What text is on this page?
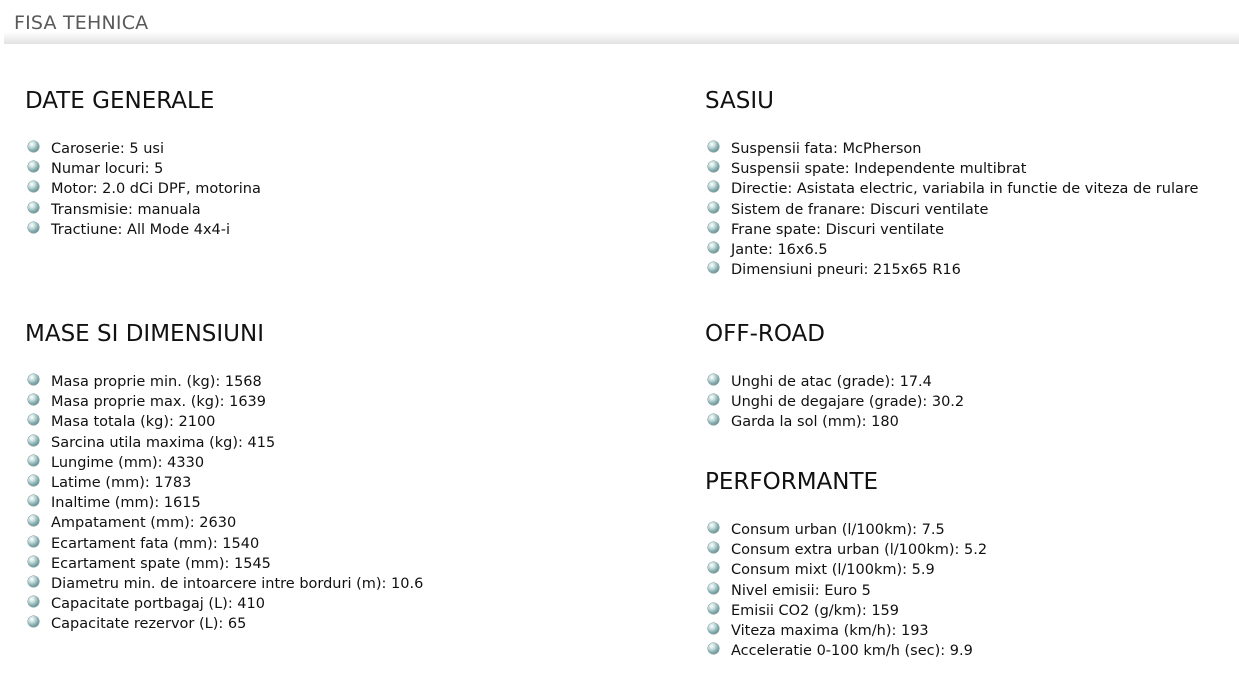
FISA TEHNICA
DATE GENERALE
Caroserie: 5 usi
Numar locuri: 5
Motor: 2.0 dCi DPF, motorina
Transmisie: manuala
Tractiune: All Mode 4x4-i
MASE SI DIMENSIUNI
Masa proprie min. (kg): 1568
Masa proprie max. (kg): 1639
Masa totala (kg): 2100
Sarcina utila maxima (kg): 415
Lungime (mm): 4330
Latime (mm): 1783
Inaltime (mm): 1615
Ampatament (mm): 2630
Ecartament fata (mm): 1540
Ecartament spate (mm): 1545
Diametru min. de intoarcere intre borduri (m): 10.6
Capacitate portbagaj (L): 410
Capacitate rezervor (L): 65
SASIU
Suspensii fata: McPherson
Suspensii spate: Independente multibrat
Directie: Asistata electric, variabila in functie de viteza de rulare
Sistem de franare: Discuri ventilate
Frane spate: Discuri ventilate
Jante: 16x6.5
Dimensiuni pneuri: 215x65 R16
OFF-ROAD
Unghi de atac (grade): 17.4
Unghi de degajare (grade): 30.2
Garda la sol (mm): 180
PERFORMANTE
Consum urban (l/100km): 7.5
Consum extra urban (l/100km): 5.2
Consum mixt (l/100km): 5.9
Nivel emisii: Euro 5
Emisii CO2 (g/km): 159
Viteza maxima (km/h): 193
Acceleratie 0-100 km/h (sec): 9.9
